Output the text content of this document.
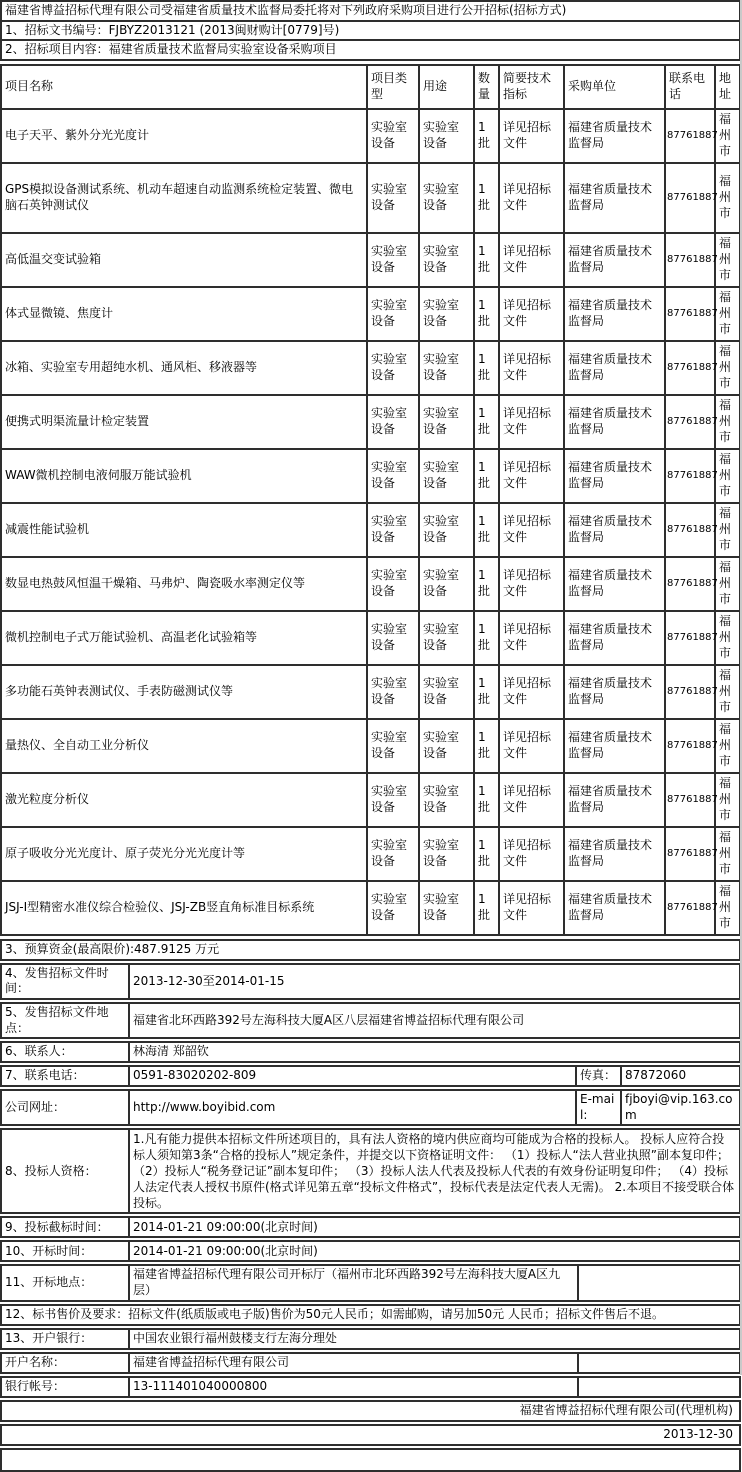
福建省博益招标代理有限公司受福建省质量技术监督局委托将对下列政府采购项目进行公开招标(招标方式)
1、招标文书编号：FJBYZ2013121 (2013闽财购计[0779]号)
2、招标项目内容：福建省质量技术监督局实验室设备采购项目
项目名称	项目类型	用途	数量	简要技术指标	采购单位	联系电话	地址
电子天平、紫外分光光度计	实验室设备	实验室设备	1批	详见招标文件	福建省质量技术监督局	87761887	福州市
GPS模拟设备测试系统、机动车超速自动监测系统检定装置、微电脑石英钟测试仪	实验室设备	实验室设备	1批	详见招标文件	福建省质量技术监督局	87761887	福州市
高低温交变试验箱	实验室设备	实验室设备	1批	详见招标文件	福建省质量技术监督局	87761887	福州市
体式显微镜、焦度计	实验室设备	实验室设备	1批	详见招标文件	福建省质量技术监督局	87761887	福州市
冰箱、实验室专用超纯水机、通风柜、移液器等	实验室设备	实验室设备	1批	详见招标文件	福建省质量技术监督局	87761887	福州市
便携式明渠流量计检定装置	实验室设备	实验室设备	1批	详见招标文件	福建省质量技术监督局	87761887	福州市
WAW微机控制电液伺服万能试验机	实验室设备	实验室设备	1批	详见招标文件	福建省质量技术监督局	87761887	福州市
减震性能试验机	实验室设备	实验室设备	1批	详见招标文件	福建省质量技术监督局	87761887	福州市
数显电热鼓风恒温干燥箱、马弗炉、陶瓷吸水率测定仪等	实验室设备	实验室设备	1批	详见招标文件	福建省质量技术监督局	87761887	福州市
微机控制电子式万能试验机、高温老化试验箱等	实验室设备	实验室设备	1批	详见招标文件	福建省质量技术监督局	87761887	福州市
多功能石英钟表测试仪、手表防磁测试仪等	实验室设备	实验室设备	1批	详见招标文件	福建省质量技术监督局	87761887	福州市
量热仪、全自动工业分析仪	实验室设备	实验室设备	1批	详见招标文件	福建省质量技术监督局	87761887	福州市
激光粒度分析仪	实验室设备	实验室设备	1批	详见招标文件	福建省质量技术监督局	87761887	福州市
原子吸收分光光度计、原子荧光分光光度计等	实验室设备	实验室设备	1批	详见招标文件	福建省质量技术监督局	87761887	福州市
JSJ-Ⅰ型精密水准仪综合检验仪、JSJ-ZB竖直角标准目标系统	实验室设备	实验室设备	1批	详见招标文件	福建省质量技术监督局	87761887	福州市
3、预算资金(最高限价):487.9125 万元
4、发售招标文件时间：	2013-12-30至2014-01-15
5、发售招标文件地点：	福建省北环西路392号左海科技大厦A区八层福建省博益招标代理有限公司
6、联系人：	林海清 郑韶钦
7、联系电话：	0591-83020202-809	传真：	87872060
公司网址：	http://www.boyibid.com	E-mail:	fjboyi@vip.163.com
8、投标人资格：	1.凡有能力提供本招标文件所述项目的，具有法人资格的境内供应商均可能成为合格的投标人。 投标人应符合投标人须知第3条“合格的投标人”规定条件，并提交以下资格证明文件： （1）投标人“法人营业执照”副本复印件； （2）投标人“税务登记证”副本复印件； （3）投标人法人代表及投标人代表的有效身份证明复印件； （4）投标人法定代表人授权书原件(格式详见第五章“投标文件格式”，投标代表是法定代表人无需)。 2.本项目不接受联合体投标。
9、投标截标时间：	2014-01-21 09:00:00(北京时间)
10、开标时间：	2014-01-21 09:00:00(北京时间)
11、开标地点：	福建省博益招标代理有限公司开标厅（福州市北环西路392号左海科技大厦A区九层）	
12、标书售价及要求：招标文件(纸质版或电子版)售价为50元人民币；如需邮购，请另加50元 人民币；招标文件售后不退。
13、开户银行：	中国农业银行福州鼓楼支行左海分理处
开户名称：	福建省博益招标代理有限公司	
银行帐号：	13-111401040000800	
福建省博益招标代理有限公司(代理机构)
2013-12-30
